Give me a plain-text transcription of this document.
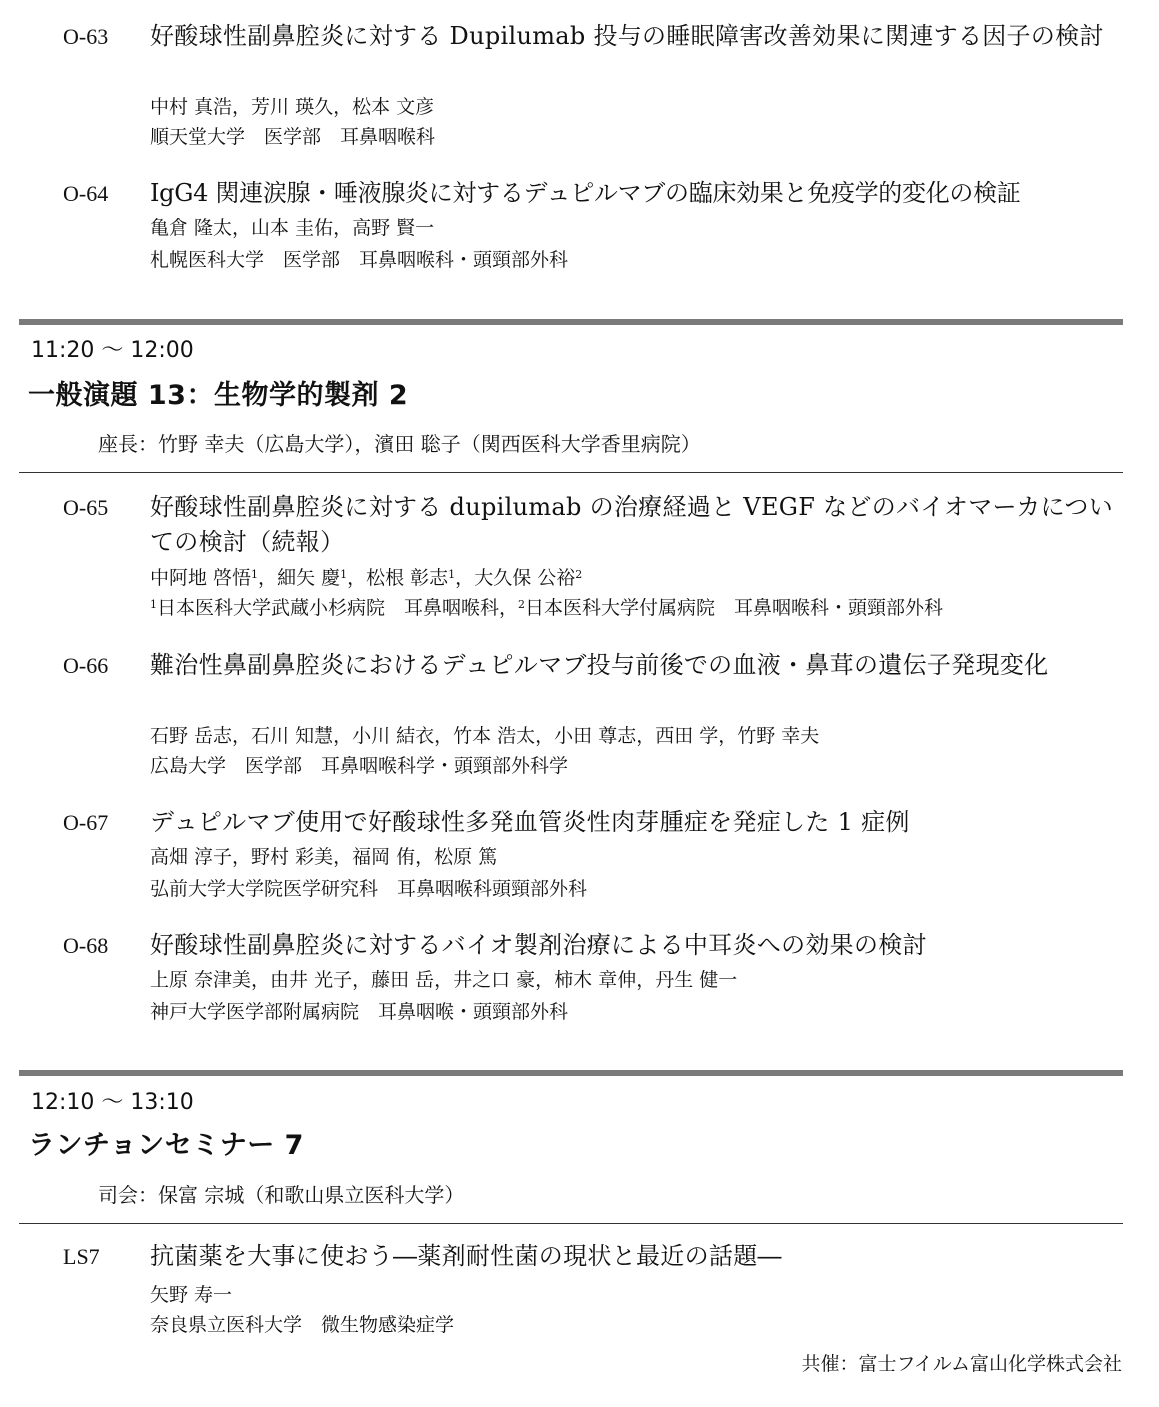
O-63 好酸球性副鼻腔炎に対する Dupilumab 投与の睡眠障害改善効果に関連する因子の検討
中村 真浩，芳川 瑛久，松本 文彦
順天堂大学　医学部　耳鼻咽喉科
O-64 IgG4 関連涙腺・唾液腺炎に対するデュピルマブの臨床効果と免疫学的変化の検証
亀倉 隆太，山本 圭佑，高野 賢一
札幌医科大学　医学部　耳鼻咽喉科・頭頸部外科
11:20 〜 12:00
一般演題 13：生物学的製剤 2
座長：竹野 幸夫（広島大学），濱田 聡子（関西医科大学香里病院）
O-65 好酸球性副鼻腔炎に対する dupilumab の治療経過と VEGF などのバイオマーカについての検討（続報）
中阿地 啓悟$^1$，細矢 慶$^1$，松根 彰志$^1$，大久保 公裕$^2$
$^1$日本医科大学武蔵小杉病院　耳鼻咽喉科，$^2$日本医科大学付属病院　耳鼻咽喉科・頭頸部外科
O-66 難治性鼻副鼻腔炎におけるデュピルマブ投与前後での血液・鼻茸の遺伝子発現変化
石野 岳志，石川 知慧，小川 結衣，竹本 浩太，小田 尊志，西田 学，竹野 幸夫
広島大学　医学部　耳鼻咽喉科学・頭頸部外科学
O-67 デュピルマブ使用で好酸球性多発血管炎性肉芽腫症を発症した 1 症例
高畑 淳子，野村 彩美，福岡 侑，松原 篤
弘前大学大学院医学研究科　耳鼻咽喉科頭頸部外科
O-68 好酸球性副鼻腔炎に対するバイオ製剤治療による中耳炎への効果の検討
上原 奈津美，由井 光子，藤田 岳，井之口 豪，柿木 章伸，丹生 健一
神戸大学医学部附属病院　耳鼻咽喉・頭頸部外科
12:10 〜 13:10
ランチョンセミナー 7
司会：保富 宗城（和歌山県立医科大学）
LS7 抗菌薬を大事に使おう―薬剤耐性菌の現状と最近の話題―
矢野 寿一
奈良県立医科大学　微生物感染症学
共催：富士フイルム富山化学株式会社
